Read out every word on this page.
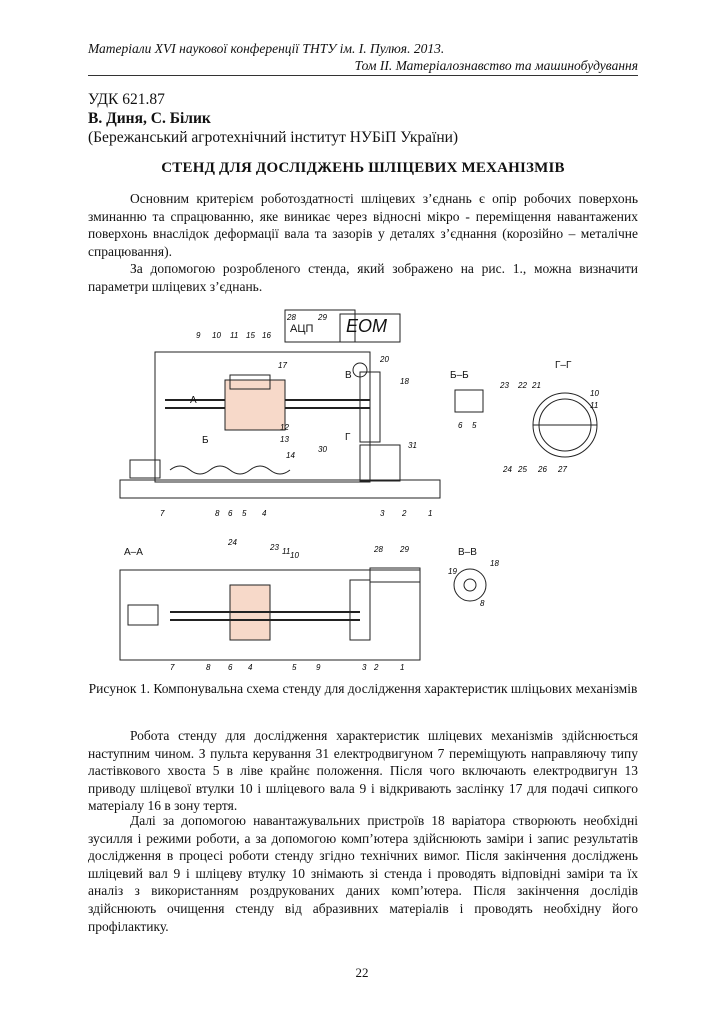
Матеріали XVI наукової конференції ТНТУ ім. І. Пулюя. 2013.
Том ІІ. Матеріалознавство та машинобудування
УДК 621.87
В. Диня, С. Білик
(Бережанський агротехнічний інститут НУБіП України)
СТЕНД ДЛЯ ДОСЛІДЖЕНЬ ШЛІЦЕВИХ МЕХАНІЗМІВ
Основним критерієм роботоздатності шліцевих з’єднань є опір робочих поверхонь зминанню та спрацюванню, яке виникає через відносні мікро - переміщення навантажених поверхонь внаслідок деформації вала та зазорів у деталях з’єднання (корозійно – металічне спрацювання).
За допомогою розробленого стенда, який зображено на рис. 1., можна визначити параметри шліцевих з’єднань.
ЕОМ
АЦП
Б–Б
Г–Г
А–А	В–В
А
Б
В
Г
9 10 11 15 16
28	29
17
20
18
12
13
14
30	31
7	8 6 5 4	3 2	1
23 22 21
10
11
24 25 26 27
24
23 11 10
28 29
7	8 6 4	5 9	3 2	1
19
18
8
6 5
Рисунок 1. Компонувальна схема стенду для дослідження характеристик шліцьових механізмів
Робота стенду для дослідження характеристик шліцевих механізмів здійснюється наступним чином. З пульта керування 31 електродвигуном 7 переміщують направляючу типу ластівкового хвоста 5 в ліве крайнє положення. Після чого включають електродвигун 13 приводу шліцевої втулки 10 і шліцевого вала 9 і відкривають заслінку 17 для подачі сипкого матеріалу 16 в зону тертя.
Далі за допомогою навантажувальних пристроїв 18 варіатора створюють необхідні зусилля і режими роботи, а за допомогою комп’ютера здійснюють заміри і запис результатів дослідження в процесі роботи стенду згідно технічних вимог. Після закінчення досліджень шліцевий вал 9 і шліцеву втулку 10 знімають зі стенда і проводять відповідні заміри та їх аналіз з використанням роздрукованих даних комп’ютера. Після закінчення дослідів здійснюють очищення стенду від абразивних матеріалів і проводять необхідну його профілактику.
22
